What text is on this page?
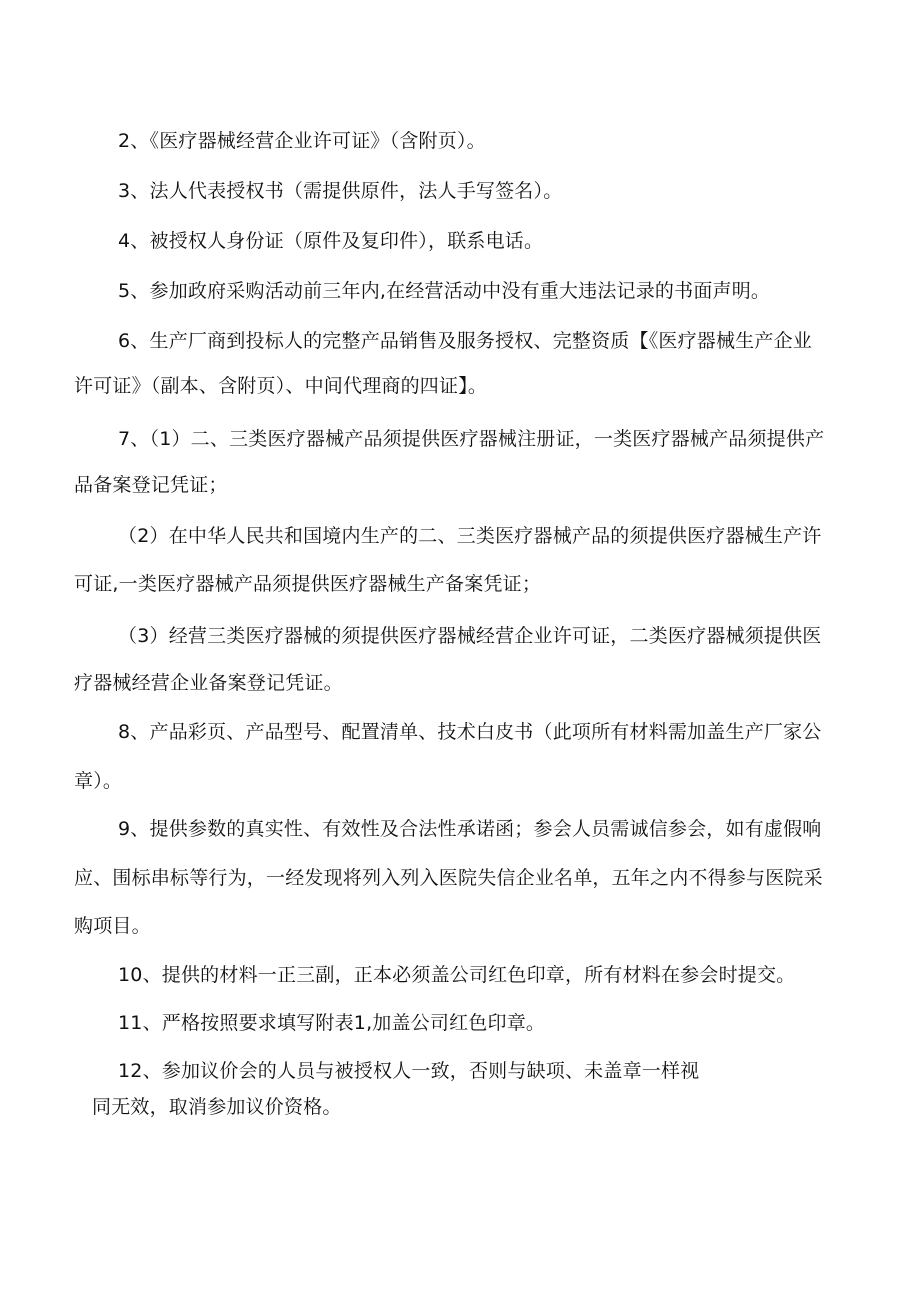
2、《医疗器械经营企业许可证》（含附页）。
3、法人代表授权书（需提供原件，法人手写签名）。
4、被授权人身份证（原件及复印件），联系电话。
5、参加政府采购活动前三年内,在经营活动中没有重大违法记录的书面声明。
6、生产厂商到投标人的完整产品销售及服务授权、完整资质【《医疗器械生产企业
许可证》（副本、含附页）、中间代理商的四证】。
7、（1）二、三类医疗器械产品须提供医疗器械注册证，一类医疗器械产品须提供产
品备案登记凭证；
（2）在中华人民共和国境内生产的二、三类医疗器械产品的须提供医疗器械生产许
可证,一类医疗器械产品须提供医疗器械生产备案凭证；
（3）经营三类医疗器械的须提供医疗器械经营企业许可证，二类医疗器械须提供医
疗器械经营企业备案登记凭证。
8、产品彩页、产品型号、配置清单、技术白皮书（此项所有材料需加盖生产厂家公
章）。
9、提供参数的真实性、有效性及合法性承诺函；参会人员需诚信参会，如有虚假响
应、围标串标等行为，一经发现将列入列入医院失信企业名单，五年之内不得参与医院采
购项目。
10、提供的材料一正三副，正本必须盖公司红色印章，所有材料在参会时提交。
11、严格按照要求填写附表1,加盖公司红色印章。
12、参加议价会的人员与被授权人一致，否则与缺项、未盖章一样视
同无效，取消参加议价资格。
